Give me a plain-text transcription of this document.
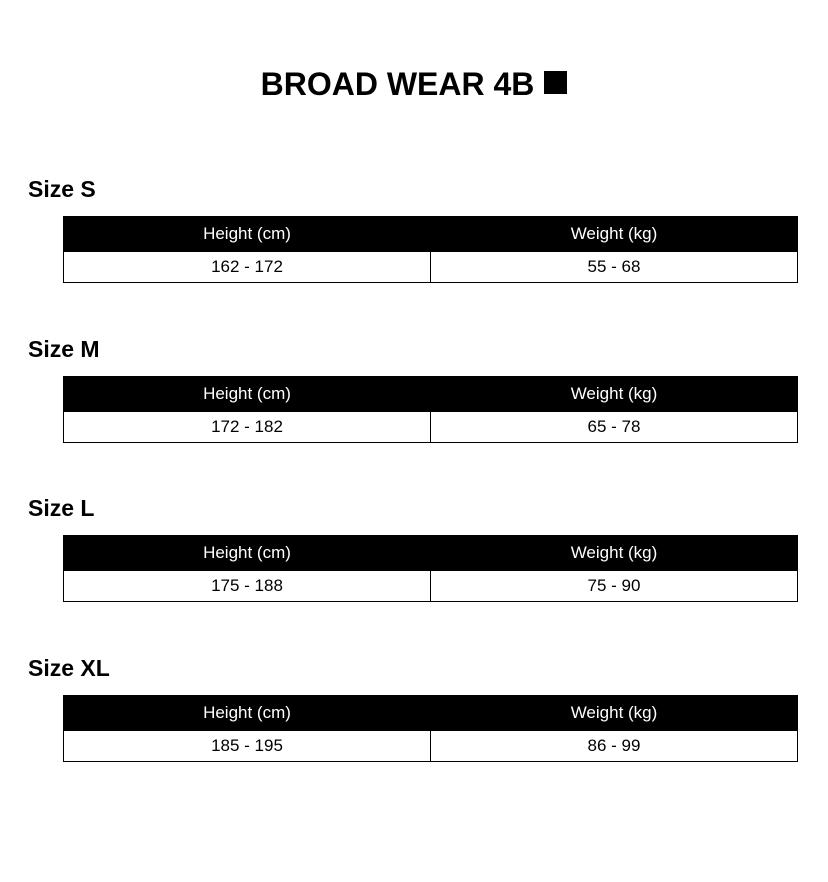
BROAD WEAR 4B
Size S
Height (cm)	Weight (kg)
162 - 172	55 - 68
Size M
Height (cm)	Weight (kg)
172 - 182	65 - 78
Size L
Height (cm)	Weight (kg)
175 - 188	75 - 90
Size XL
Height (cm)	Weight (kg)
185 - 195	86 - 99
